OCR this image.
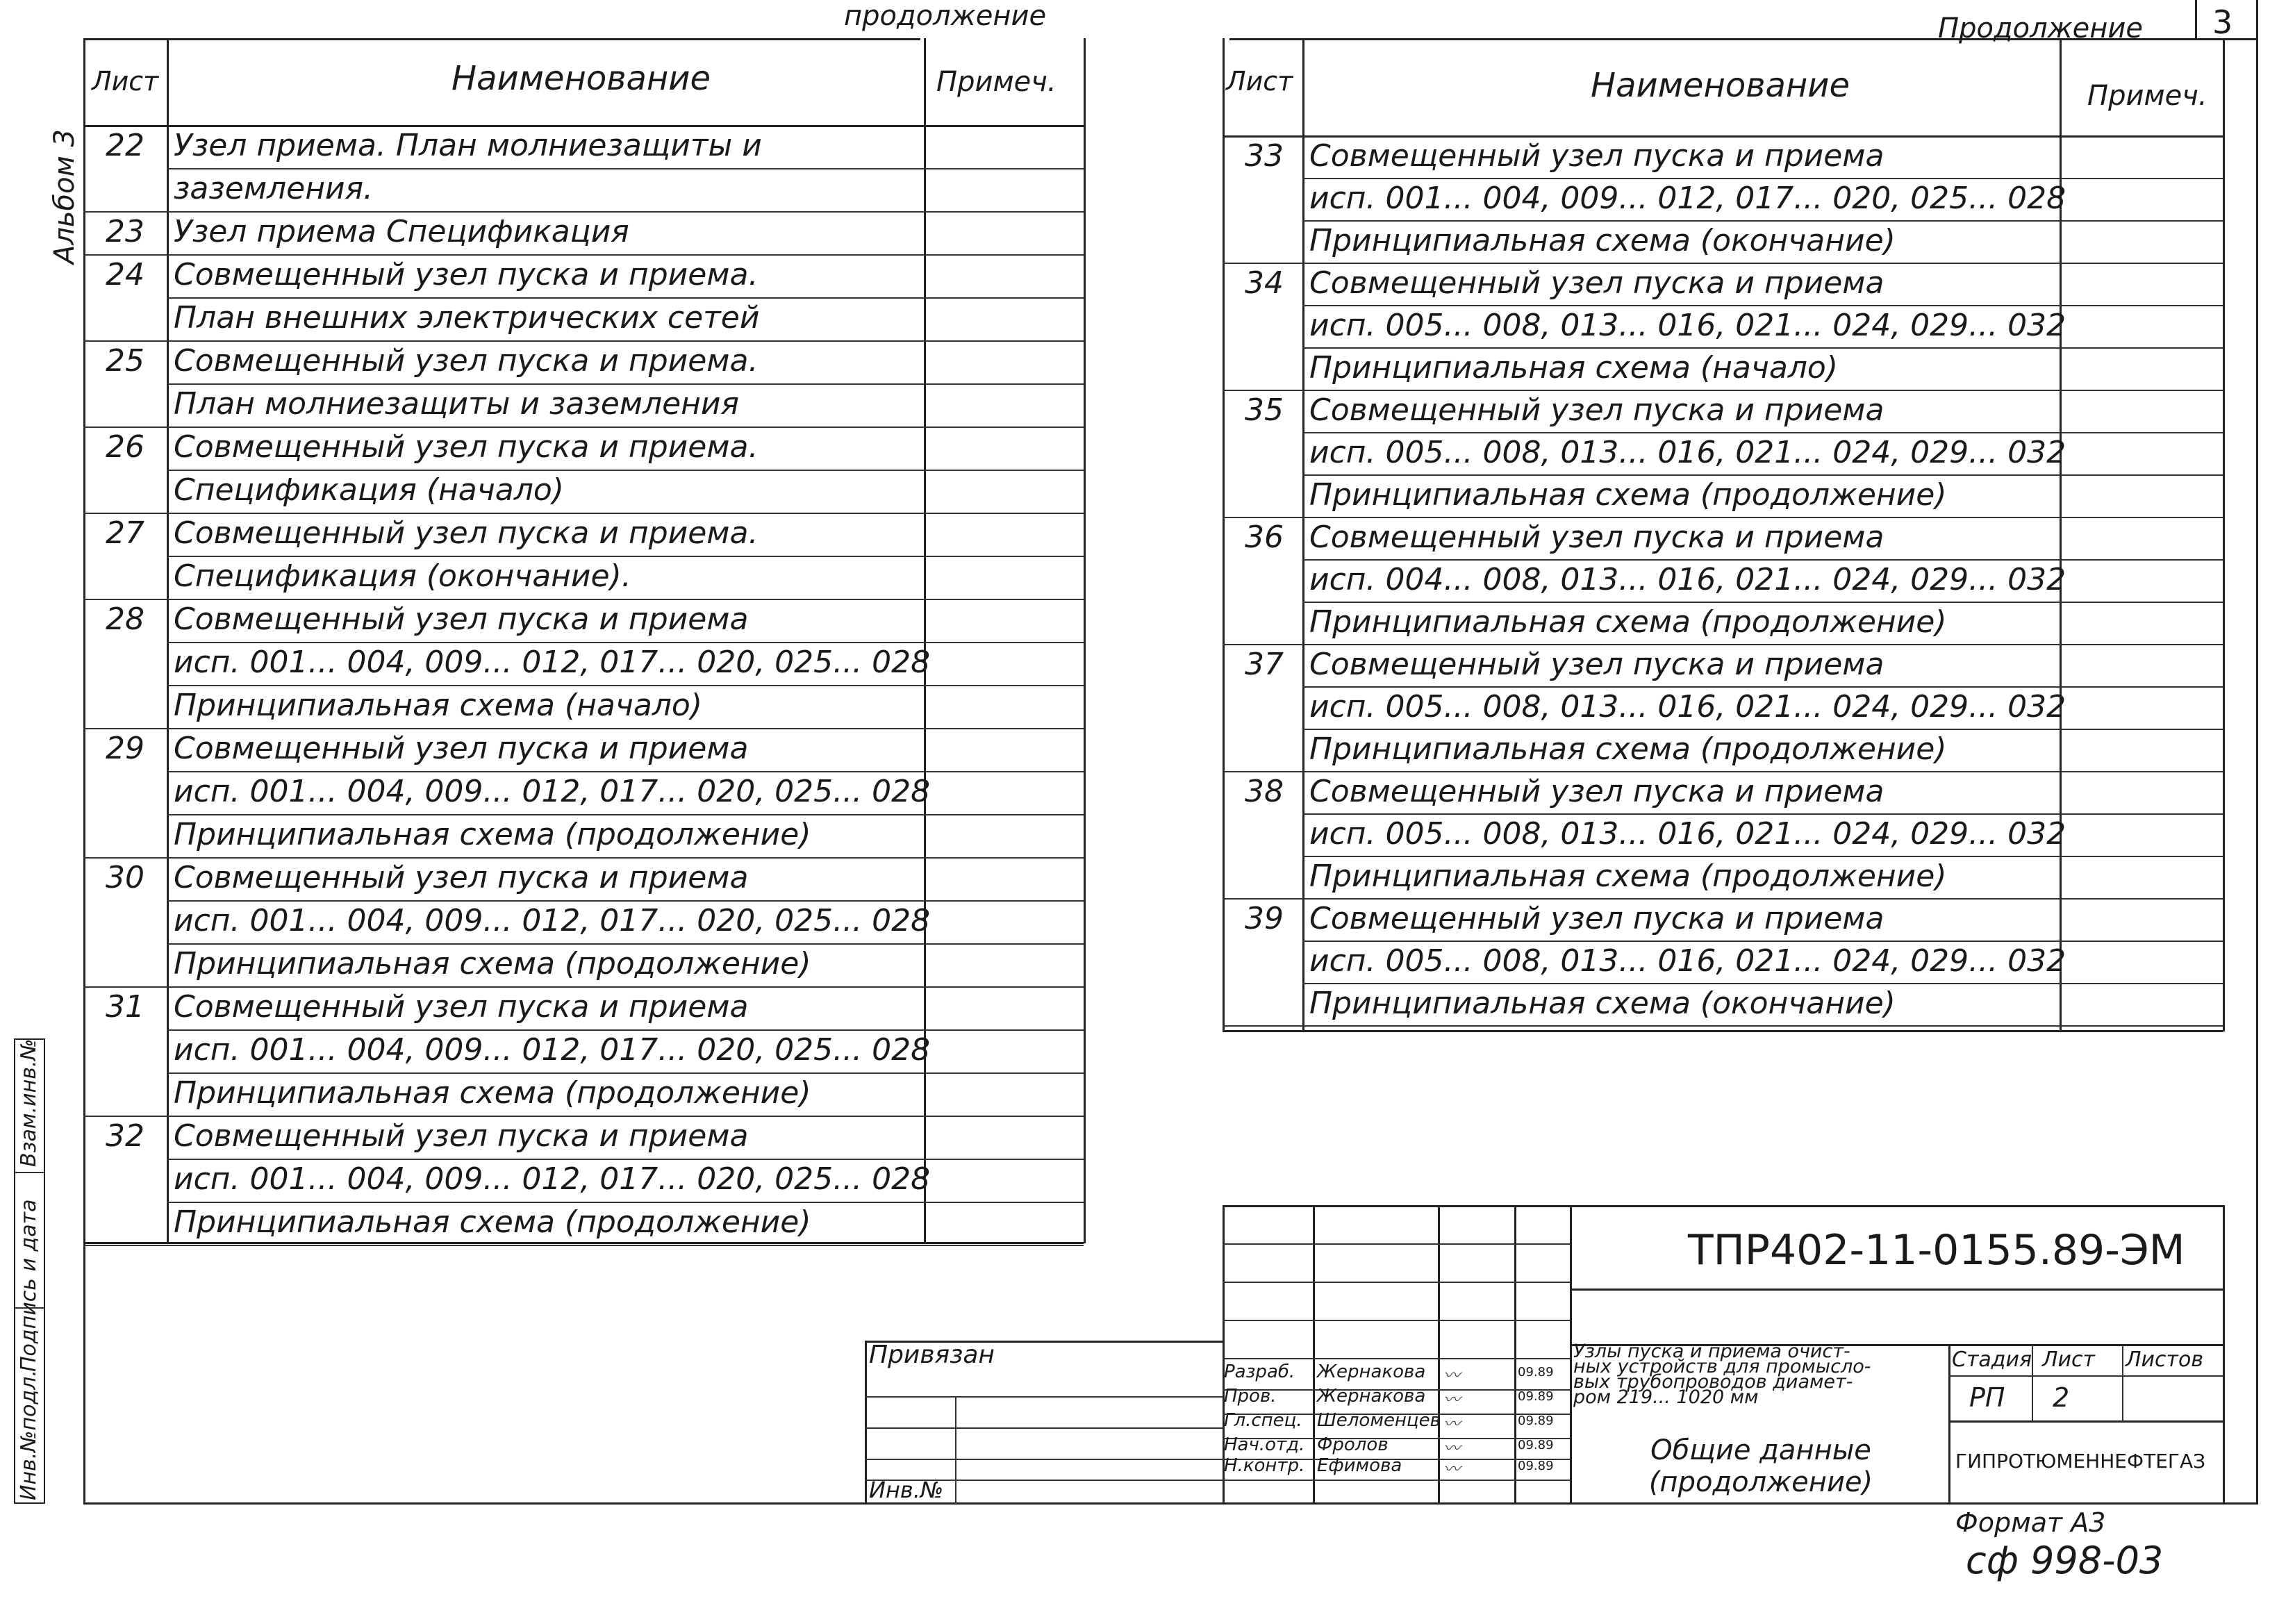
продолжение	Продолжение 3
Альбом 3
Инв.№подл.
Подпись и дата
Взам.инв.№
Лист	Наименование	Примеч.
22 Узел приема. План молниезащиты и
заземления.
23 Узел приема Спецификация
24 Совмещенный узел пуска и приема.
План внешних электрических сетей
25 Совмещенный узел пуска и приема.
План молниезащиты и заземления
26 Совмещенный узел пуска и приема.
Спецификация (начало)
27 Совмещенный узел пуска и приема.
Спецификация (окончание).
28 Совмещенный узел пуска и приема
исп. 001... 004, 009... 012, 017... 020, 025... 028
Принципиальная схема (начало)
29 Совмещенный узел пуска и приема
исп. 001... 004, 009... 012, 017... 020, 025... 028
Принципиальная схема (продолжение)
30 Совмещенный узел пуска и приема
исп. 001... 004, 009... 012, 017... 020, 025... 028
Принципиальная схема (продолжение)
31 Совмещенный узел пуска и приема
исп. 001... 004, 009... 012, 017... 020, 025... 028
Принципиальная схема (продолжение)
32 Совмещенный узел пуска и приема
исп. 001... 004, 009... 012, 017... 020, 025... 028
Принципиальная схема (продолжение)
Лист	Наименование	Примеч.
33 Совмещенный узел пуска и приема
исп. 001... 004, 009... 012, 017... 020, 025... 028
Принципиальная схема (окончание)
34 Совмещенный узел пуска и приема
исп. 005... 008, 013... 016, 021... 024, 029... 032
Принципиальная схема (начало)
35 Совмещенный узел пуска и приема
исп. 005... 008, 013... 016, 021... 024, 029... 032
Принципиальная схема (продолжение)
36 Совмещенный узел пуска и приема
исп. 004... 008, 013... 016, 021... 024, 029... 032
Принципиальная схема (продолжение)
37 Совмещенный узел пуска и приема
исп. 005... 008, 013... 016, 021... 024, 029... 032
Принципиальная схема (продолжение)
38 Совмещенный узел пуска и приема
исп. 005... 008, 013... 016, 021... 024, 029... 032
Принципиальная схема (продолжение)
39 Совмещенный узел пуска и приема
исп. 005... 008, 013... 016, 021... 024, 029... 032
Принципиальная схема (окончание)
ТПР402-11-0155.89-ЭМ
Узлы пуска и приема очист-
ных устройств для промысло-
вых трубопроводов диамет-
ром 219... 1020 мм
Общие данные
(продолжение)
Стадия Лист Листов
РП 2
ГИПРОТЮМЕННЕФТЕГАЗ
Разраб. Жернакова 〰	09.89
Пров. Жернакова 〰	09.89
Гл.спец. Шеломенцев 〰	09.89
Нач.отд. Фролов	〰	09.89
Н.контр. Ефимова 〰	09.89
Привязан
Инв.№
Формат А3
сф 998-03
